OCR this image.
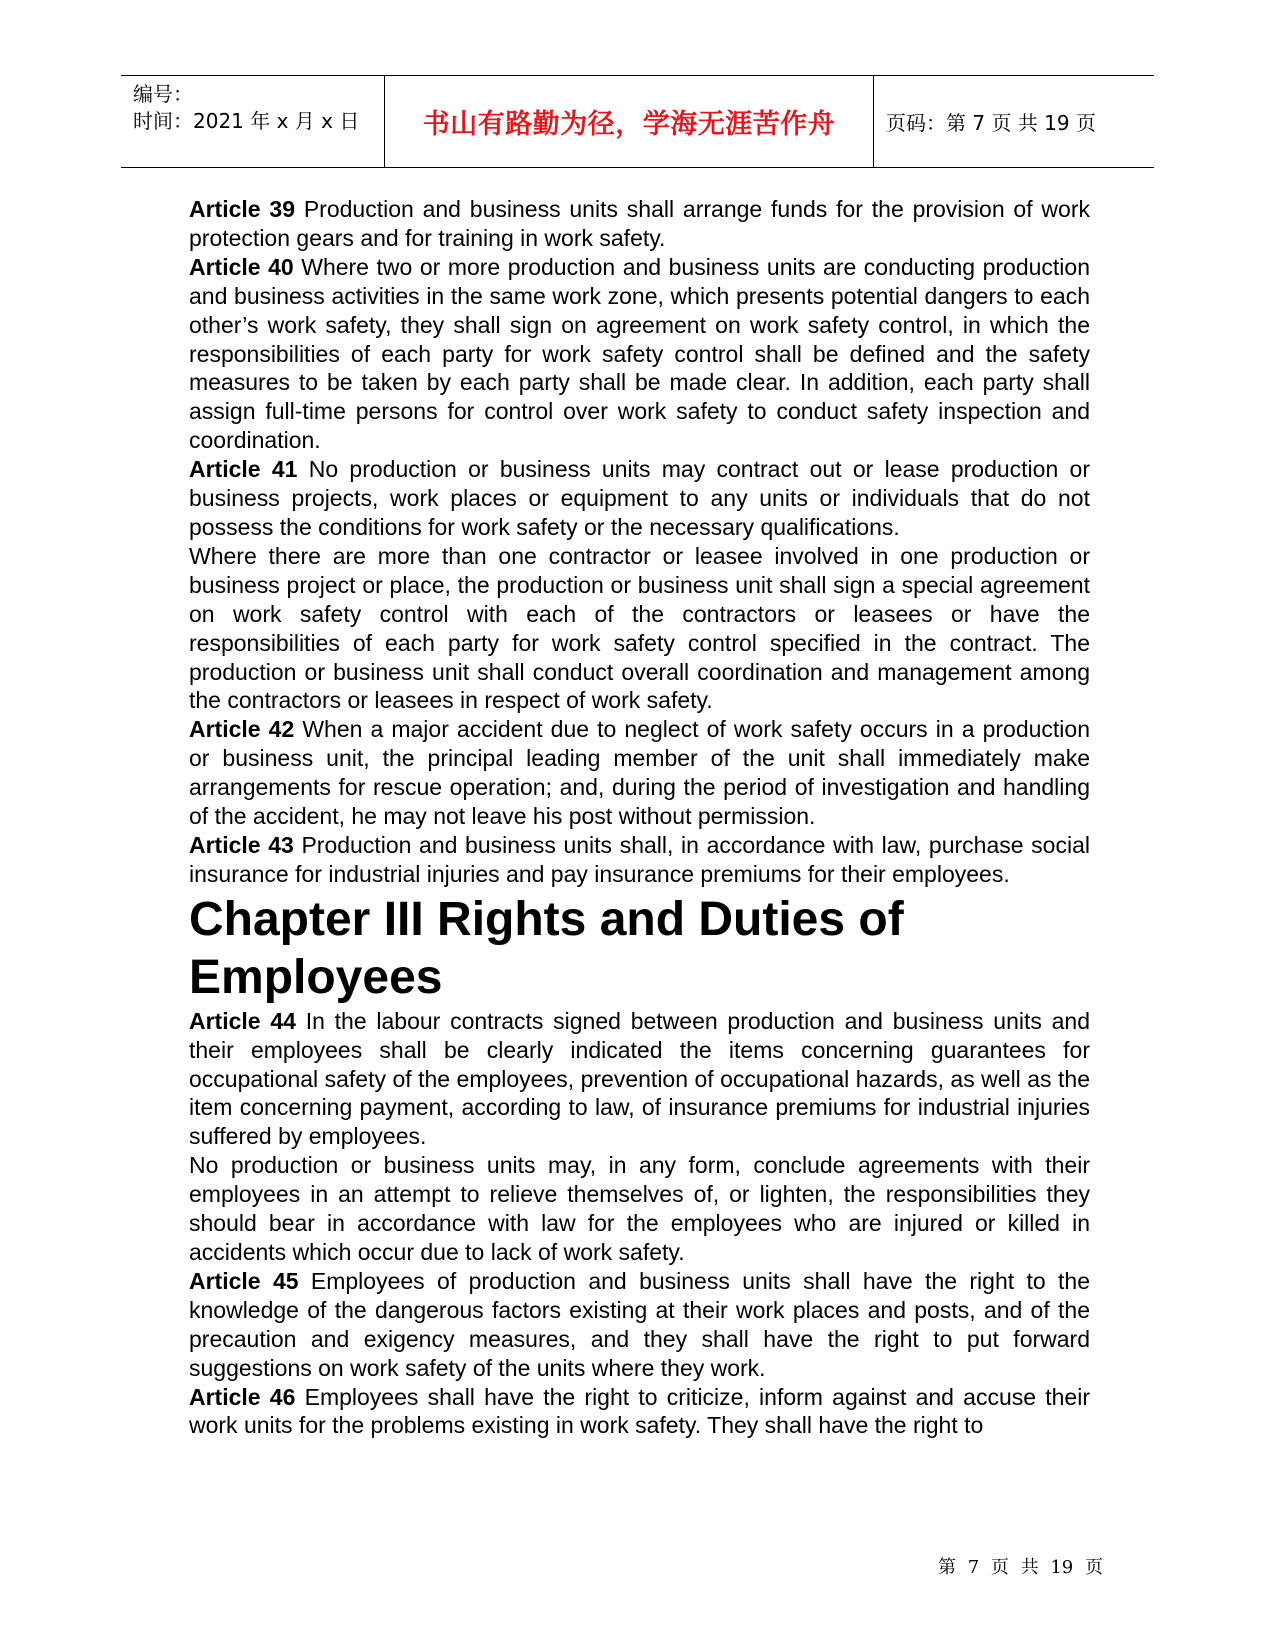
编号：
时间：2021 年 x 月 x 日 书山有路勤为径，学海无涯苦作舟	页码：第 7 页 共 19 页

Article 39 Production and business units shall arrange funds for the provision of work protection gears and for training in work safety.

Article 40 Where two or more production and business units are conducting production and business activities in the same work zone, which presents potential dangers to each other’s work safety, they shall sign on agreement on work safety control, in which the responsibilities of each party for work safety control shall be defined and the safety measures to be taken by each party shall be made clear. In addition, each party shall assign full-time persons for control over work safety to conduct safety inspection and coordination.

Article 41 No production or business units may contract out or lease production or business projects, work places or equipment to any units or individuals that do not possess the conditions for work safety or the necessary qualifications.

Where there are more than one contractor or leasee involved in one production or business project or place, the production or business unit shall sign a special agreement on work safety control with each of the contractors or leasees or have the responsibilities of each party for work safety control specified in the contract. The production or business unit shall conduct overall coordination and management among the contractors or leasees in respect of work safety.

Article 42 When a major accident due to neglect of work safety occurs in a production or business unit, the principal leading member of the unit shall immediately make arrangements for rescue operation; and, during the period of investigation and handling of the accident, he may not leave his post without permission.

Article 43 Production and business units shall, in accordance with law, purchase social insurance for industrial injuries and pay insurance premiums for their employees.

Chapter III Rights and Duties of Employees

Article 44 In the labour contracts signed between production and business units and their employees shall be clearly indicated the items concerning guarantees for occupational safety of the employees, prevention of occupational hazards, as well as the item concerning payment, according to law, of insurance premiums for industrial injuries suffered by employees.

No production or business units may, in any form, conclude agreements with their employees in an attempt to relieve themselves of, or lighten, the responsibilities they should bear in accordance with law for the employees who are injured or killed in accidents which occur due to lack of work safety.

Article 45 Employees of production and business units shall have the right to the knowledge of the dangerous factors existing at their work places and posts, and of the precaution and exigency measures, and they shall have the right to put forward suggestions on work safety of the units where they work.

Article 46 Employees shall have the right to criticize, inform against and accuse their work units for the problems existing in work safety. They shall have the right to

第 7 页 共 19 页
